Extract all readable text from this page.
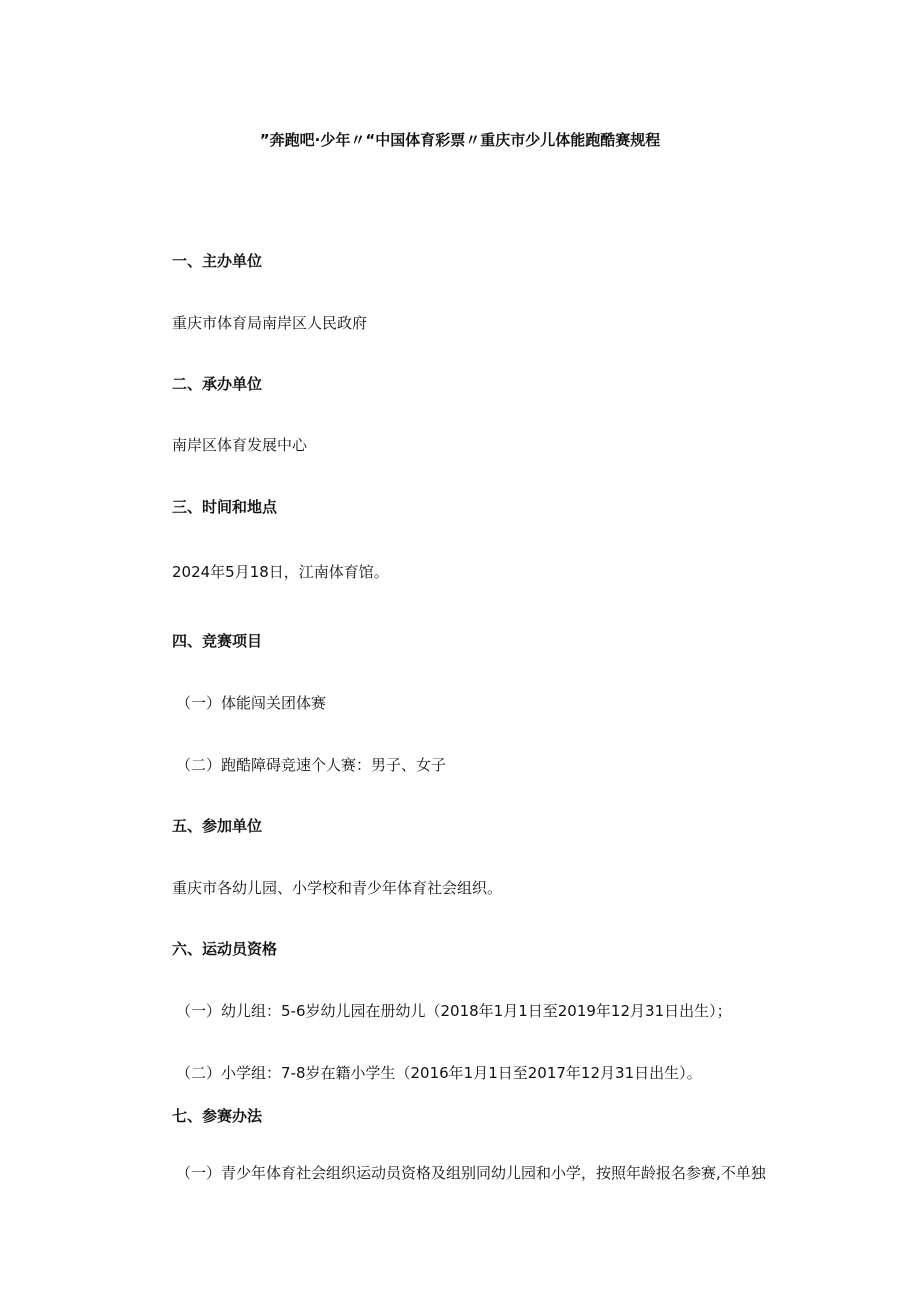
”奔跑吧·少年〃“中国体育彩票〃重庆市少儿体能跑酷赛规程
一、主办单位
重庆市体育局南岸区人民政府
二、承办单位
南岸区体育发展中心
三、时间和地点
2024年5月18日，江南体育馆。
四、竞赛项目
（一）体能闯关团体赛
（二）跑酷障碍竞速个人赛：男子、女子
五、参加单位
重庆市各幼儿园、小学校和青少年体育社会组织。
六、运动员资格
（一）幼儿组：5-6岁幼儿园在册幼儿（2018年1月1日至2019年12月31日出生）；
（二）小学组：7-8岁在籍小学生（2016年1月1日至2017年12月31日出生）。
七、参赛办法
（一）青少年体育社会组织运动员资格及组别同幼儿园和小学，按照年龄报名参赛,不单独
